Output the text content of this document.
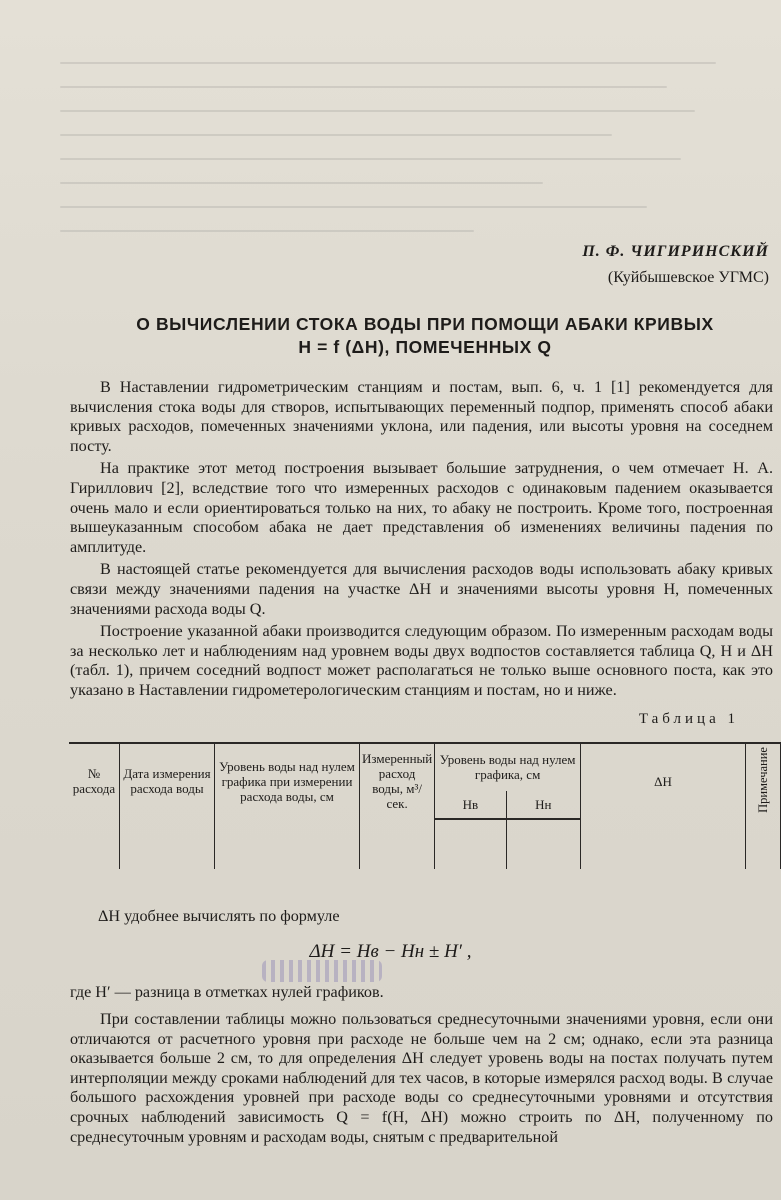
П. Ф. ЧИГИРИНСКИЙ
(Куйбышевское УГМС)
О ВЫЧИСЛЕНИИ СТОКА ВОДЫ ПРИ ПОМОЩИ АБАКИ КРИВЫХ
H = f (ΔH), ПОМЕЧЕННЫХ Q

В Наставлении гидрометрическим станциям и постам, вып. 6, ч. 1 [1] рекомендуется для вычисления стока воды для створов, испытывающих переменный подпор, применять способ абаки кривых расходов, помеченных значениями уклона, или падения, или высоты уровня на соседнем посту.

На практике этот метод построения вызывает большие затруднения, о чем отмечает Н. А. Гириллович [2], вследствие того что измеренных расходов с одинаковым падением оказывается очень мало и если ориентироваться только на них, то абаку не построить. Кроме того, построенная вышеуказанным способом абака не дает представления об изменениях величины падения по амплитуде.

В настоящей статье рекомендуется для вычисления расходов воды использовать абаку кривых связи между значениями падения на участке ΔH и значениями высоты уровня H, помеченных значениями расхода воды Q.

Построение указанной абаки производится следующим образом. По измеренным расходам воды за несколько лет и наблюдениям над уровнем воды двух водпостов составляется таблица Q, H и ΔH (табл. 1), причем соседний водпост может располагаться не только выше основного поста, как это указано в Наставлении гидрометерологическим станциям и постам, но и ниже.

Таблица 1
№ расхода	Дата измерения расхода воды	Уровень воды над нулем графика при измерении расхода воды, см	Измеренный расход воды, м³/сек.	Уровень воды над нулем графика, см		ΔH	Примечание
				Hв	Hн		

ΔH удобнее вычислять по формуле
ΔH = Hв − Hн ± H′ ,
где H′ — разница в отметках нулей графиков.

При составлении таблицы можно пользоваться среднесуточными значениями уровня, если они отличаются от расчетного уровня при расходе не больше чем на 2 см; однако, если эта разница оказывается больше 2 см, то для определения ΔH следует уровень воды на постах получать путем интерполяции между сроками наблюдений для тех часов, в которые измерялся расход воды. В случае большого расхождения уровней при расходе воды со среднесуточными уровнями и отсутствия срочных наблюдений зависимость Q = f(H, ΔH) можно строить по ΔH, полученному по среднесуточным уровням и расходам воды, снятым с предварительной
